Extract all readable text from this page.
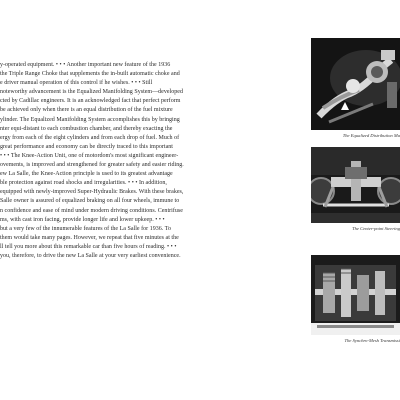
y-operated equipment. • • • Another important new feature of the 1936
the Triple Range Choke that supplements the in-built automatic choke and
e driver manual operation of this control if he wishes. • • • Still
noteworthy advancement is the Equalized Manifolding System—developed
cted by Cadillac engineers. It is an acknowledged fact that perfect perform
be achieved only when there is an equal distribution of the fuel mixture
ylinder. The Equalized Manifolding System accomplishes this by bringing
nter equi-distant to each combustion chamber, and thereby exacting the
ergy from each of the eight cylinders and from each drop of fuel. Much of
great performance and economy can be directly traced to this important
• • • The Knee-Action Unit, one of motordom's most significant engineer-
ovements, is improved and strengthened for greater safety and easier riding.
ew La Salle, the Knee-Action principle is used to its greatest advantage
ble protection against road shocks and irregularities. • • • In addition,
equipped with newly-improved Super-Hydraulic Brakes. With these brakes,
Salle owner is assured of equalized braking on all four wheels, immune to
n confidence and ease of mind under modern driving conditions. Centrifuse
ms, with cast iron facing, provide longer life and lower upkeep. • • •
but a very few of the innumerable features of the La Salle for 1936. To
them would take many pages. However, we repeat that five minutes at the
ll tell you more about this remarkable car than five hours of reading. • • •
you, therefore, to drive the new La Salle at your very earliest convenience.
The Equalized Distribution Ma
The Center-point Steering
The Synchro-Mesh Transmissi
